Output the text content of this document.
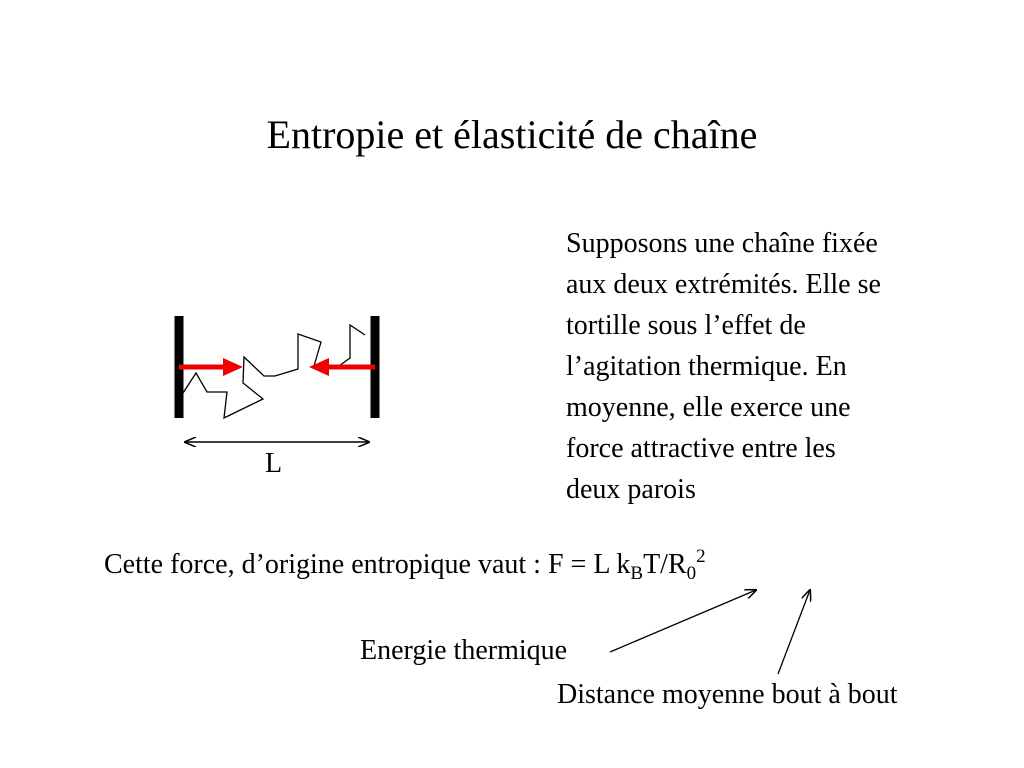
Entropie et élasticité de chaîne
Supposons une chaîne fixée
aux deux extrémités. Elle se
tortille sous l’effet de
l’agitation thermique. En
moyenne, elle exerce une
force attractive entre les
deux parois
L
Cette force, d’origine entropique vaut : F = L $k_BT/R_0^2$
Energie thermique
Distance moyenne bout à bout
